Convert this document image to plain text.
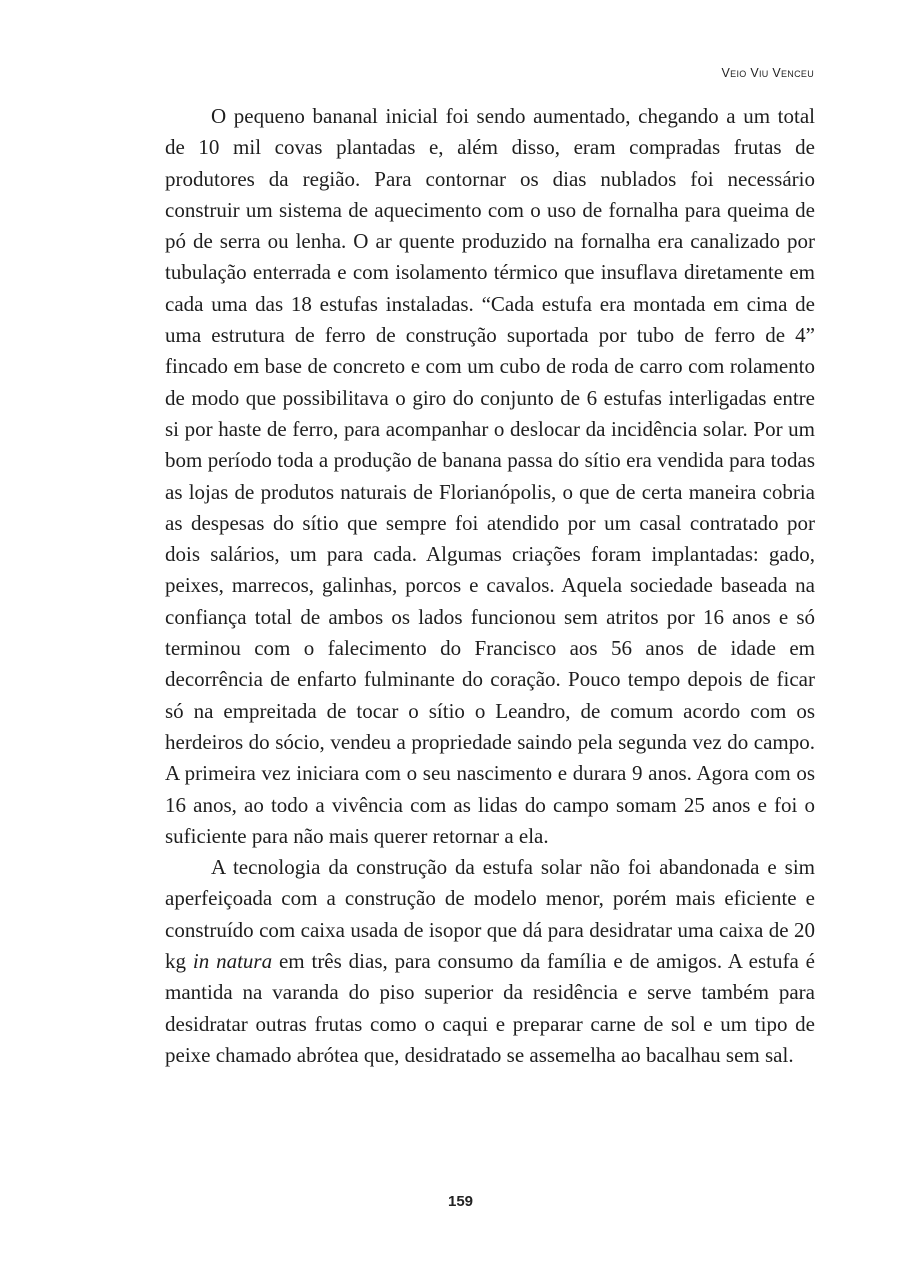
Veio Viu Venceu

O pequeno bananal inicial foi sendo aumentado, chegando a um total de 10 mil covas plantadas e, além disso, eram compradas frutas de produtores da região. Para contornar os dias nublados foi necessário construir um sistema de aquecimento com o uso de fornalha para queima de pó de serra ou lenha. O ar quente produzido na fornalha era canalizado por tubulação enterrada e com isolamento térmico que insuflava diretamente em cada uma das 18 estufas instaladas. “Cada estufa era montada em cima de uma estrutura de ferro de construção suportada por tubo de ferro de 4” fincado em base de concreto e com um cubo de roda de carro com rolamento de modo que possibilitava o giro do conjunto de 6 estufas interligadas entre si por haste de ferro, para acompanhar o deslocar da incidência solar. Por um bom período toda a produção de banana passa do sítio era vendida para todas as lojas de produtos naturais de Florianópolis, o que de certa maneira cobria as despesas do sítio que sempre foi atendido por um casal contratado por dois salários, um para cada. Algumas criações foram implantadas: gado, peixes, marrecos, galinhas, porcos e cavalos. Aquela sociedade baseada na confiança total de ambos os lados funcionou sem atritos por 16 anos e só terminou com o falecimento do Francisco aos 56 anos de idade em decorrência de enfarto fulminante do coração. Pouco tempo depois de ficar só na empreitada de tocar o sítio o Leandro, de comum acordo com os herdeiros do sócio, vendeu a propriedade saindo pela segunda vez do campo. A primeira vez iniciara com o seu nascimento e durara 9 anos. Agora com os 16 anos, ao todo a vivência com as lidas do campo somam 25 anos e foi o suficiente para não mais querer retornar a ela.

A tecnologia da construção da estufa solar não foi abandonada e sim aperfeiçoada com a construção de modelo menor, porém mais eficiente e construído com caixa usada de isopor que dá para desidratar uma caixa de 20 kg in natura em três dias, para consumo da família e de amigos. A estufa é mantida na varanda do piso superior da residência e serve também para desidratar outras frutas como o caqui e preparar carne de sol e um tipo de peixe chamado abrótea que, desidratado se assemelha ao bacalhau sem sal.

159
